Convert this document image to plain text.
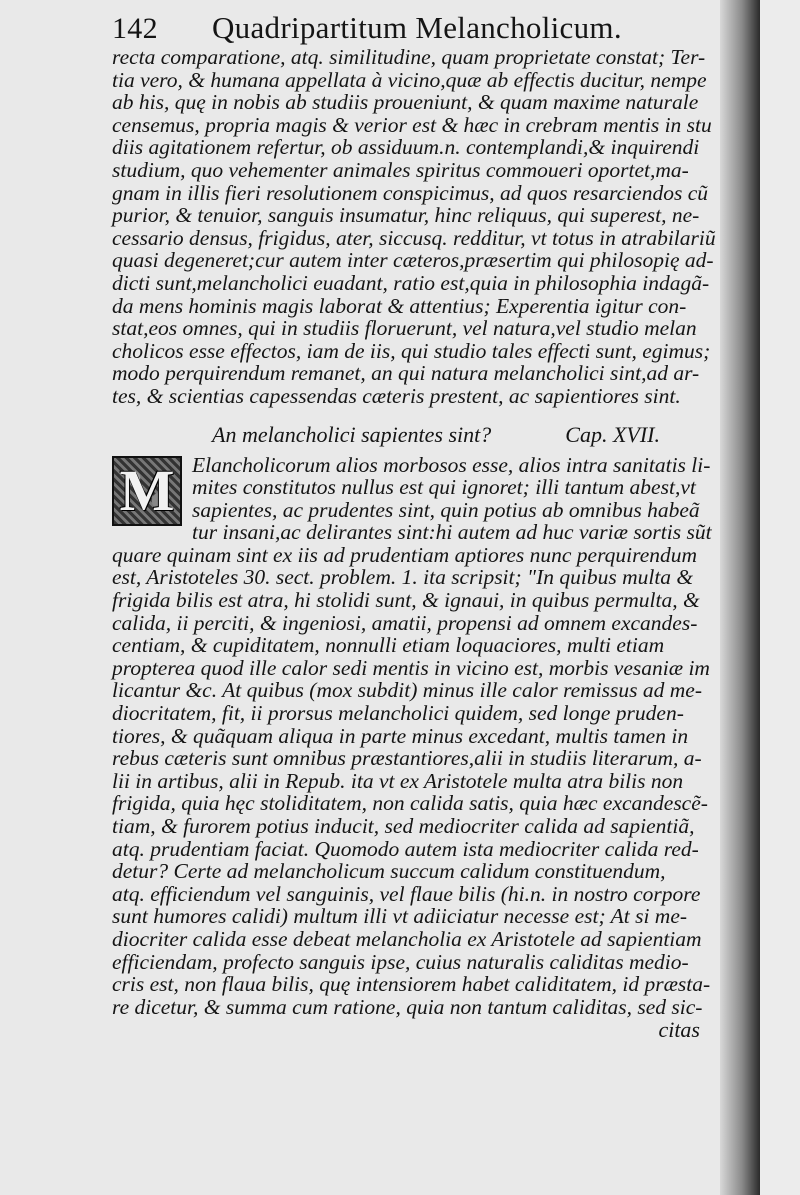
142	Quadripartitum Melancholicum.
recta comparatione, atq. similitudine, quam proprietate constat; Ter-
tia vero, & humana appellata à vicino,quæ ab effectis ducitur, nempe
ab his, quę in nobis ab studiis proueniunt, & quam maxime naturale
censemus, propria magis & verior est & hæc in crebram mentis in stu
diis agitationem refertur, ob assiduum.n. contemplandi,& inquirendi
studium, quo vehementer animales spiritus commoueri oportet,ma-
gnam in illis fieri resolutionem conspicimus, ad quos resarciendos cũ
purior, & tenuior, sanguis insumatur, hinc reliquus, qui superest, ne-
cessario densus, frigidus, ater, siccusq. redditur, vt totus in atrabilariũ
quasi degeneret;cur autem inter cæteros,præsertim qui philosopię ad-
dicti sunt,melancholici euadant, ratio est,quia in philosophia indagã-
da mens hominis magis laborat & attentius; Experentia igitur con-
stat,eos omnes, qui in studiis floruerunt, vel natura,vel studio melan
cholicos esse effectos, iam de iis, qui studio tales effecti sunt, egimus;
modo perquirendum remanet, an qui natura melancholici sint,ad ar-
tes, & scientias capessendas cæteris prestent, ac sapientiores sint.
An melancholici sapientes sint?	Cap. XVII.
M Elancholicorum alios morbosos esse, alios intra sanitatis li-
mites constitutos nullus est qui ignoret; illi tantum abest,vt
sapientes, ac prudentes sint, quin potius ab omnibus habeã
tur insani,ac delirantes sint:hi autem ad huc variæ sortis sũt
quare quinam sint ex iis ad prudentiam aptiores nunc perquirendum
est, Aristoteles 30. sect. problem. 1. ita scripsit; "In quibus multa &
frigida bilis est atra, hi stolidi sunt, & ignaui, in quibus permulta, &
calida, ii perciti, & ingeniosi, amatii, propensi ad omnem excandes-
centiam, & cupiditatem, nonnulli etiam loquaciores, multi etiam
propterea quod ille calor sedi mentis in vicino est, morbis vesaniæ im
licantur &c. At quibus (mox subdit) minus ille calor remissus ad me-
diocritatem, fit, ii prorsus melancholici quidem, sed longe pruden-
tiores, & quãquam aliqua in parte minus excedant, multis tamen in
rebus cæteris sunt omnibus præstantiores,alii in studiis literarum, a-
lii in artibus, alii in Repub. ita vt ex Aristotele multa atra bilis non
frigida, quia hęc stoliditatem, non calida satis, quia hæc excandescẽ-
tiam, & furorem potius inducit, sed mediocriter calida ad sapientiã,
atq. prudentiam faciat. Quomodo autem ista mediocriter calida red-
detur? Certe ad melancholicum succum calidum constituendum,
atq. efficiendum vel sanguinis, vel flaue bilis (hi.n. in nostro corpore
sunt humores calidi) multum illi vt adiiciatur necesse est; At si me-
diocriter calida esse debeat melancholia ex Aristotele ad sapientiam
efficiendam, profecto sanguis ipse, cuius naturalis caliditas medio-
cris est, non flaua bilis, quę intensiorem habet caliditatem, id præsta-
re dicetur, & summa cum ratione, quia non tantum caliditas, sed sic-
citas
